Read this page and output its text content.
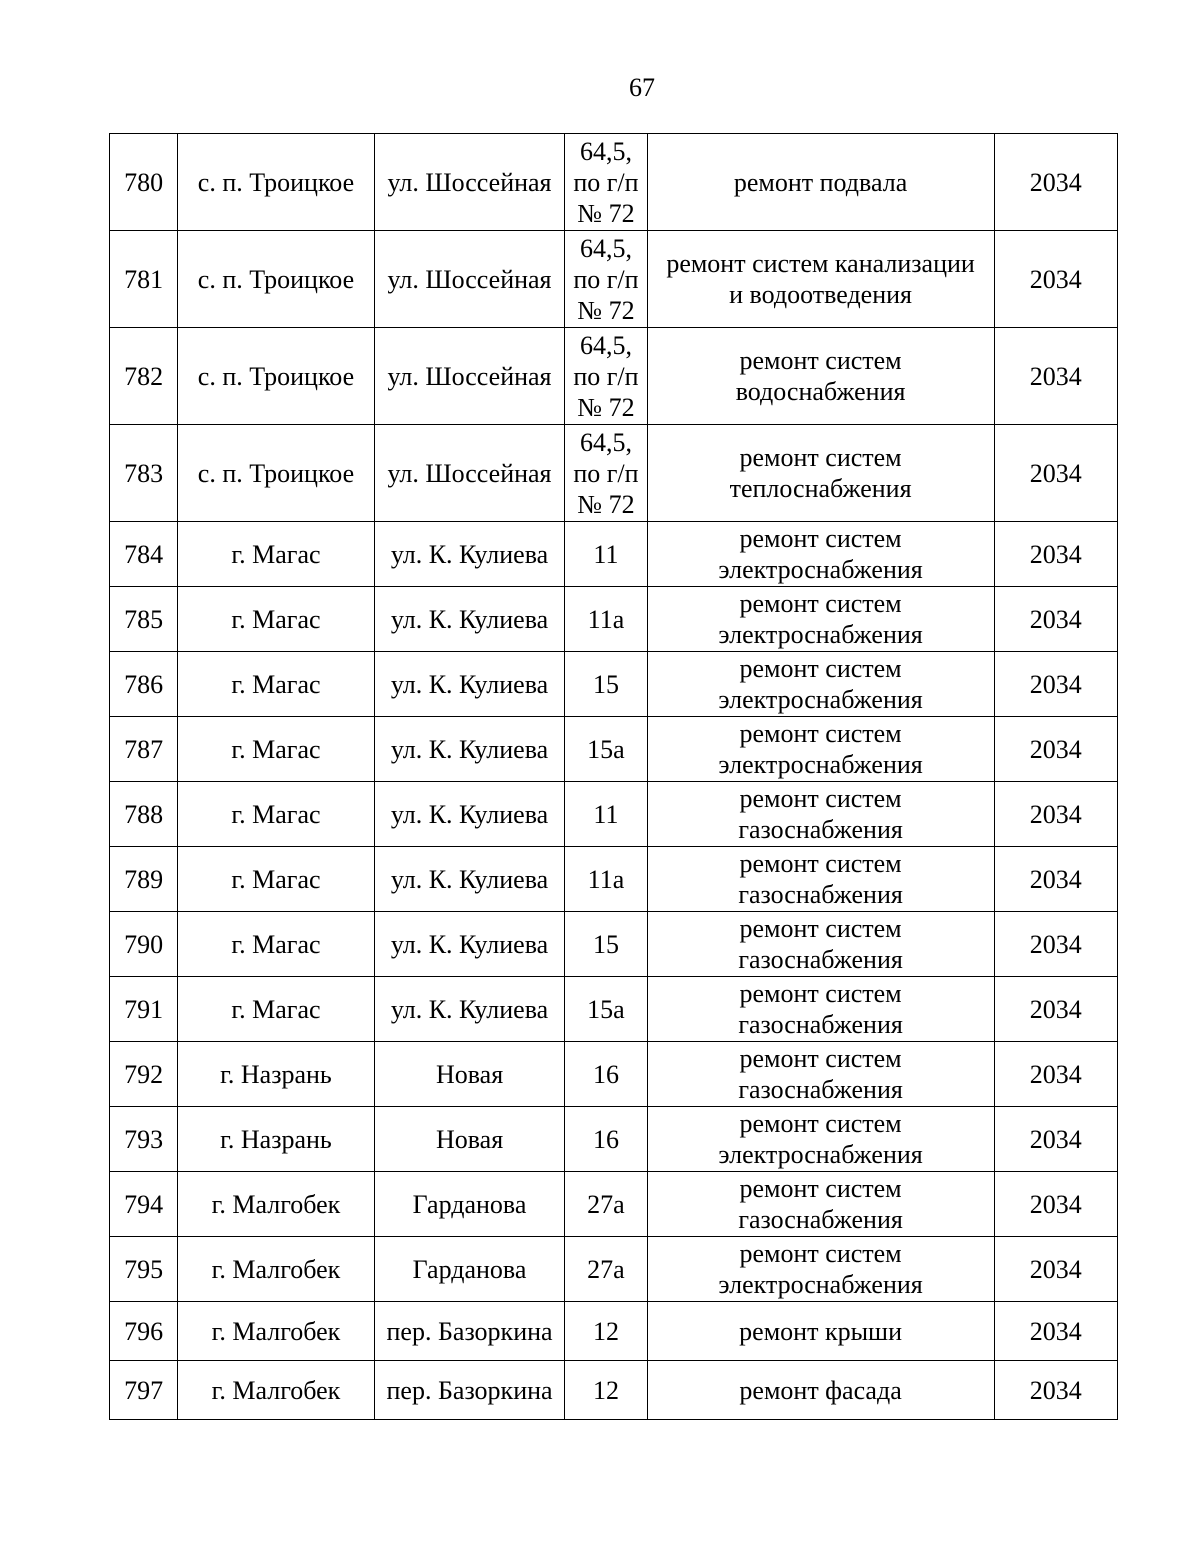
67
780	с. п. Троицкое	ул. Шоссейная	64,5,
по г/п
№ 72	ремонт подвала	2034
781	с. п. Троицкое	ул. Шоссейная	64,5,
по г/п
№ 72	ремонт систем канализации
и водоотведения	2034
782	с. п. Троицкое	ул. Шоссейная	64,5,
по г/п
№ 72	ремонт систем
водоснабжения	2034
783	с. п. Троицкое	ул. Шоссейная	64,5,
по г/п
№ 72	ремонт систем
теплоснабжения	2034
784	г. Магас	ул. К. Кулиева	11	ремонт систем
электроснабжения	2034
785	г. Магас	ул. К. Кулиева	11а	ремонт систем
электроснабжения	2034
786	г. Магас	ул. К. Кулиева	15	ремонт систем
электроснабжения	2034
787	г. Магас	ул. К. Кулиева	15а	ремонт систем
электроснабжения	2034
788	г. Магас	ул. К. Кулиева	11	ремонт систем
газоснабжения	2034
789	г. Магас	ул. К. Кулиева	11а	ремонт систем
газоснабжения	2034
790	г. Магас	ул. К. Кулиева	15	ремонт систем
газоснабжения	2034
791	г. Магас	ул. К. Кулиева	15а	ремонт систем
газоснабжения	2034
792	г. Назрань	Новая	16	ремонт систем
газоснабжения	2034
793	г. Назрань	Новая	16	ремонт систем
электроснабжения	2034
794	г. Малгобек	Гарданова	27а	ремонт систем
газоснабжения	2034
795	г. Малгобек	Гарданова	27а	ремонт систем
электроснабжения	2034
796	г. Малгобек	пер. Базоркина	12	ремонт крыши	2034
797	г. Малгобек	пер. Базоркина	12	ремонт фасада	2034
